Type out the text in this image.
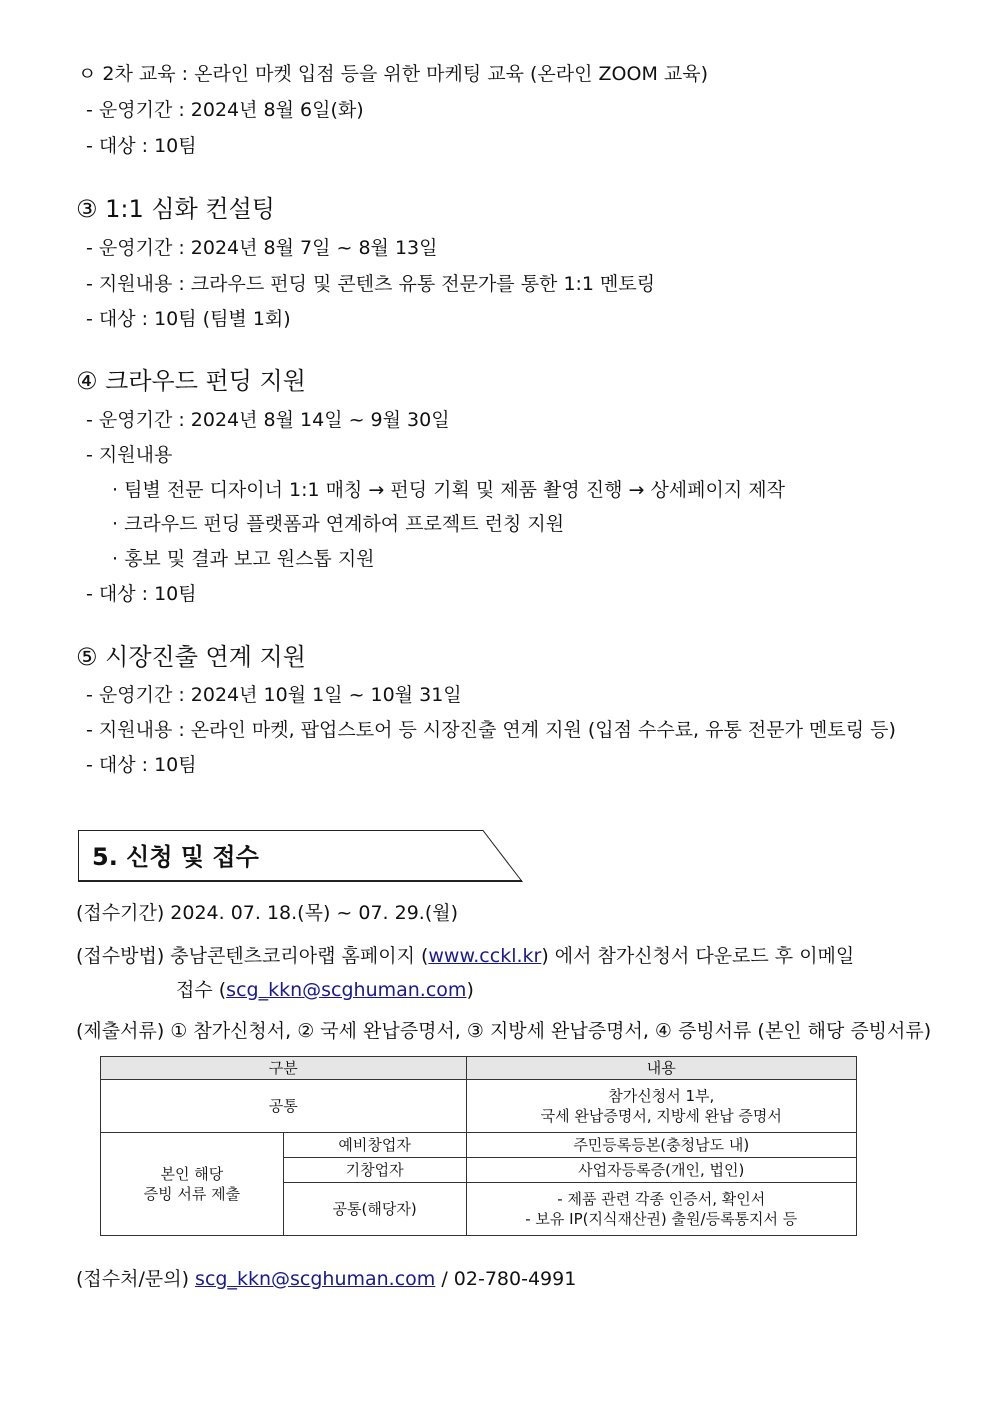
ㅇ 2차 교육 : 온라인 마켓 입점 등을 위한 마케팅 교육 (온라인 ZOOM 교육)
- 운영기간 : 2024년 8월 6일(화)
- 대상 : 10팀
③ 1:1 심화 컨설팅
- 운영기간 : 2024년 8월 7일 ~ 8월 13일
- 지원내용 : 크라우드 펀딩 및 콘텐츠 유통 전문가를 통한 1:1 멘토링
- 대상 : 10팀 (팀별 1회)
④ 크라우드 펀딩 지원
- 운영기간 : 2024년 8월 14일 ~ 9월 30일
- 지원내용
· 팀별 전문 디자이너 1:1 매칭 → 펀딩 기획 및 제품 촬영 진행 → 상세페이지 제작
· 크라우드 펀딩 플랫폼과 연계하여 프로젝트 런칭 지원
· 홍보 및 결과 보고 원스톱 지원
- 대상 : 10팀
⑤ 시장진출 연계 지원
- 운영기간 : 2024년 10월 1일 ~ 10월 31일
- 지원내용 : 온라인 마켓, 팝업스토어 등 시장진출 연계 지원 (입점 수수료, 유통 전문가 멘토링 등)
- 대상 : 10팀
5. 신청 및 접수
(접수기간) 2024. 07. 18.(목) ~ 07. 29.(월)
(접수방법) 충남콘텐츠코리아랩 홈페이지 (www.cckl.kr) 에서 참가신청서 다운로드 후 이메일
접수 (scg_kkn@scghuman.com)
(제출서류) ① 참가신청서, ② 국세 완납증명서, ③ 지방세 완납증명서, ④ 증빙서류 (본인 해당 증빙서류)
구분		내용
공통		참가신청서 1부,
국세 완납증명서, 지방세 완납 증명서

본인 해당
증빙 서류 제출	예비창업자	주민등록등본(충청남도 내)
	기창업자	사업자등록증(개인, 법인)
	공통(해당자)	- 제품 관련 각종 인증서, 확인서
- 보유 IP(지식재산권) 출원/등록통지서 등
(접수처/문의) scg_kkn@scghuman.com / 02-780-4991
